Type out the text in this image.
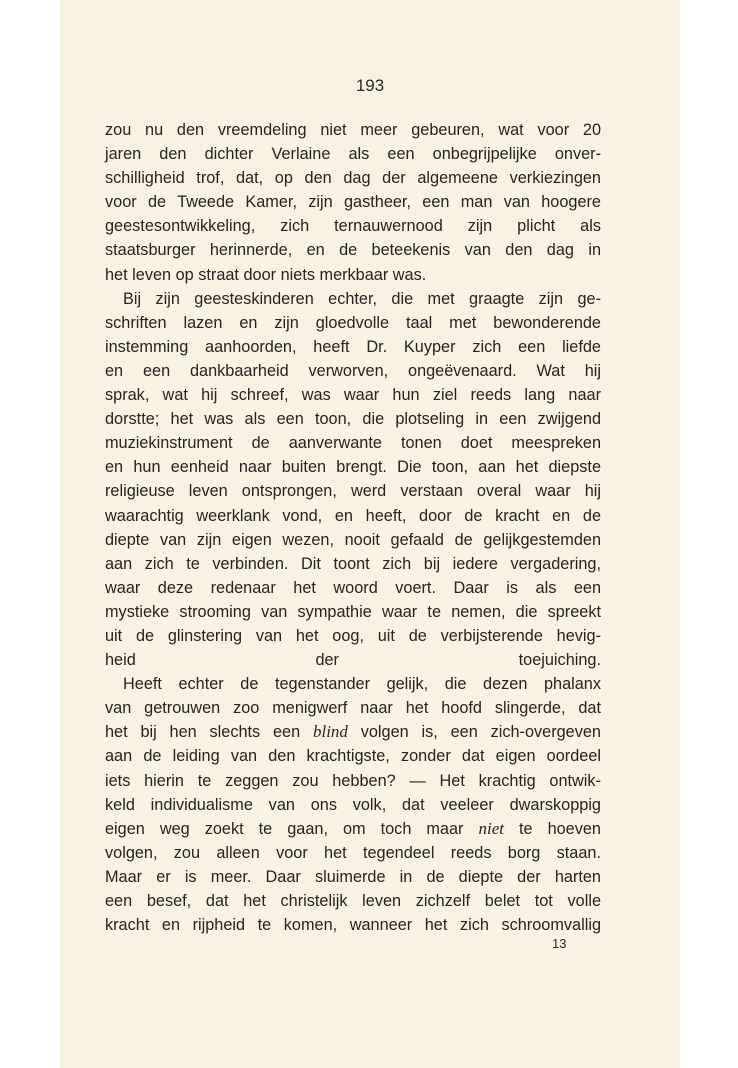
193

zou nu den vreemdeling niet meer gebeuren, wat voor 20
jaren den dichter Verlaine als een onbegrijpelijke onver-
schilligheid trof, dat, op den dag der algemeene verkiezingen
voor de Tweede Kamer, zijn gastheer, een man van hoogere
geestesontwikkeling, zich ternauwernood zijn plicht als
staatsburger herinnerde, en de beteekenis van den dag in
het leven op straat door niets merkbaar was.

Bij zijn geesteskinderen echter, die met graagte zijn ge-
schriften lazen en zijn gloedvolle taal met bewonderende
instemming aanhoorden, heeft Dr. Kuyper zich een liefde
en een dankbaarheid verworven, ongeëvenaard. Wat hij
sprak, wat hij schreef, was waar hun ziel reeds lang naar
dorstte; het was als een toon, die plotseling in een zwijgend
muziekinstrument de aanverwante tonen doet meespreken
en hun eenheid naar buiten brengt. Die toon, aan het diepste
religieuse leven ontsprongen, werd verstaan overal waar hij
waarachtig weerklank vond, en heeft, door de kracht en de
diepte van zijn eigen wezen, nooit gefaald de gelijkgestemden
aan zich te verbinden. Dit toont zich bij iedere vergadering,
waar deze redenaar het woord voert. Daar is als een
mystieke strooming van sympathie waar te nemen, die spreekt
uit de glinstering van het oog, uit de verbijsterende hevig-
heid der toejuiching.

Heeft echter de tegenstander gelijk, die dezen phalanx
van getrouwen zoo menigwerf naar het hoofd slingerde, dat
het bij hen slechts een blind volgen is, een zich-overgeven
aan de leiding van den krachtigste, zonder dat eigen oordeel
iets hierin te zeggen zou hebben? — Het krachtig ontwik-
keld individualisme van ons volk, dat veeleer dwarskoppig
eigen weg zoekt te gaan, om toch maar niet te hoeven
volgen, zou alleen voor het tegendeel reeds borg staan.
Maar er is meer. Daar sluimerde in de diepte der harten
een besef, dat het christelijk leven zichzelf belet tot volle
kracht en rijpheid te komen, wanneer het zich schroomvallig

13
